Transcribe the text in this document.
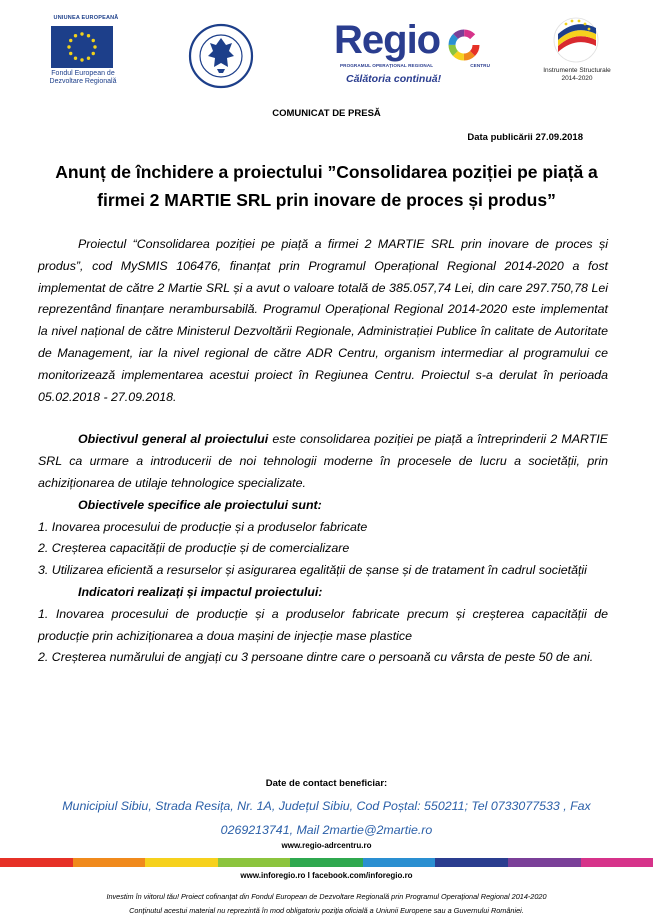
UNIUNEA EUROPEANĂ
Fondul European de
Dezvoltare Regională
Regio
PROGRAMUL OPERAȚIONAL REGIONAL	CENTRU
Călătoria continuă!
Instrumente Structurale
2014-2020
COMUNICAT DE PRESĂ
Data publicării 27.09.2018
Anunț de închidere a proiectului ”Consolidarea poziției pe piață a firmei 2 MARTIE SRL prin inovare de proces și produs”

Proiectul “Consolidarea poziției pe piață a firmei 2 MARTIE SRL prin inovare de proces și produs”, cod MySMIS 106476, finanțat prin Programul Operațional Regional 2014-2020 a fost implementat de către 2 Martie SRL și a avut o valoare totală de 385.057,74 Lei, din care 297.750,78 Lei reprezentând finanțare nerambursabilă. Programul Operațional Regional 2014-2020 este implementat la nivel național de către Ministerul Dezvoltării Regionale, Administrației Publice în calitate de Autoritate de Management, iar la nivel regional de către ADR Centru, organism intermediar al programului ce monitorizează implementarea acestui proiect în Regiunea Centru. Proiectul s-a derulat în perioada 05.02.2018 - 27.09.2018.

Obiectivul general al proiectului este consolidarea poziției pe piață a întreprinderii 2 MARTIE SRL ca urmare a introducerii de noi tehnologii moderne în procesele de lucru a societății, prin achiziționarea de utilaje tehnologice specializate.

Obiectivele specifice ale proiectului sunt:

1. Inovarea procesului de producție și a produselor fabricate

2. Creșterea capacității de producție și de comercializare

3. Utilizarea eficientă a resurselor și asigurarea egalității de șanse și de tratament în cadrul societății

Indicatori realizați și impactul proiectului:

1. Inovarea procesului de producție și a produselor fabricate precum și creșterea capacității de producție prin achiziționarea a doua mașini de injecție mase plastice

2. Creșterea numărului de angjați cu 3 persoane dintre care o persoană cu vârsta de peste 50 de ani.

Date de contact beneficiar:
Municipiul Sibiu, Strada Resița, Nr. 1A, Județul Sibiu, Cod Poștal: 550211; Tel 0733077533 , Fax
0269213741, Mail 2martie@2martie.ro
www.regio-adrcentru.ro
www.inforegio.ro I facebook.com/inforegio.ro
Investim în viitorul tău! Proiect cofinanțat din Fondul European de Dezvoltare Regională prin Programul Operațional Regional 2014-2020
Conținutul acestui material nu reprezintă în mod obligatoriu poziția oficială a Uniunii Europene sau a Guvernului României.
